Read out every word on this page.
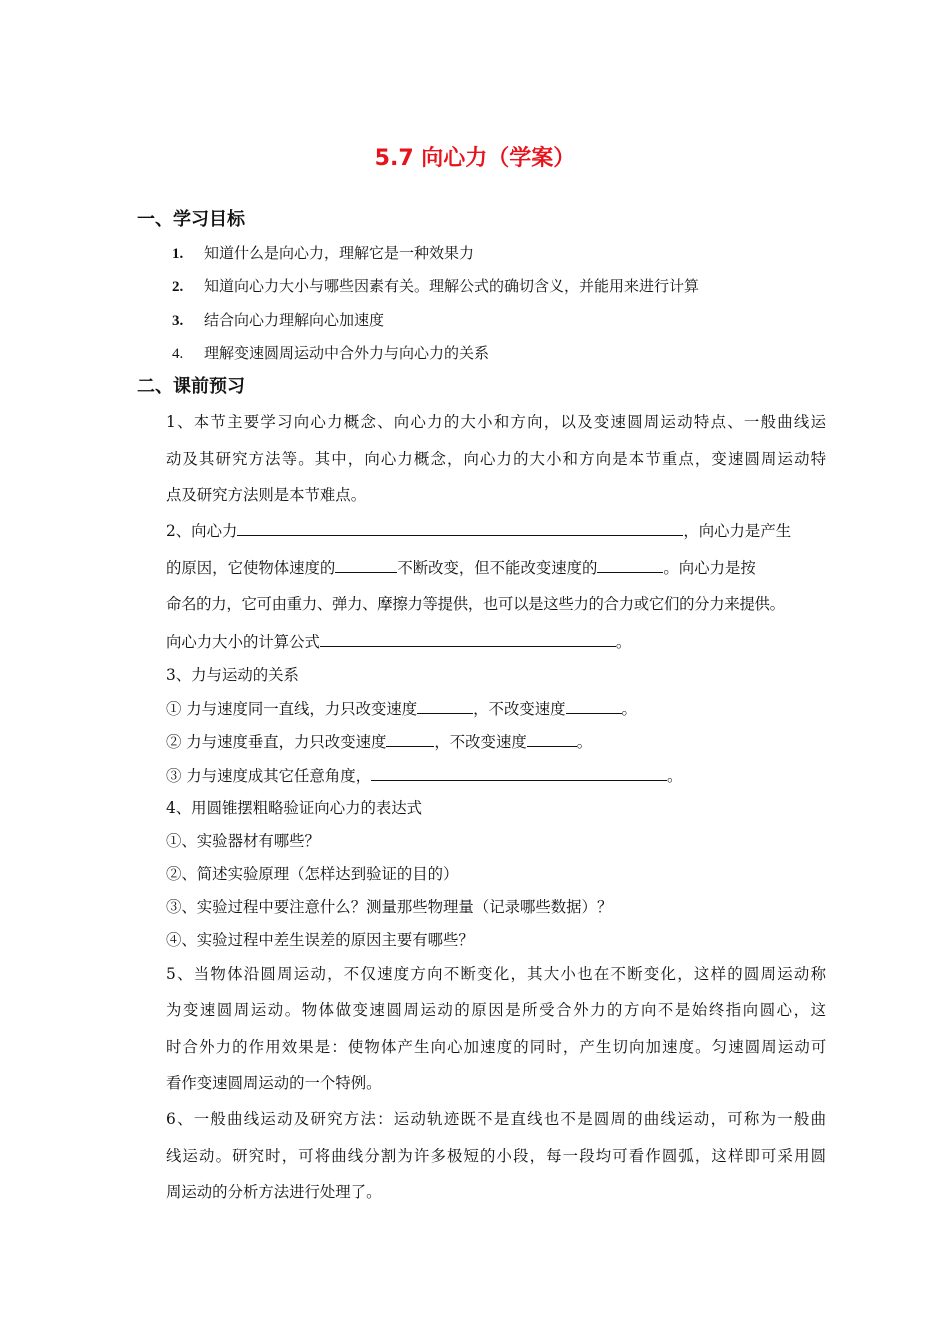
5.7 向心力（学案）
一、学习目标
1. 知道什么是向心力，理解它是一种效果力
2. 知道向心力大小与哪些因素有关。理解公式的确切含义，并能用来进行计算
3. 结合向心力理解向心加速度
4. 理解变速圆周运动中合外力与向心力的关系
二、课前预习
1、本节主要学习向心力概念、向心力的大小和方向，以及变速圆周运动特点、一般曲线运
动及其研究方法等。其中，向心力概念，向心力的大小和方向是本节重点，变速圆周运动特
点及研究方法则是本节难点。
2、向心力	，向心力是产生
的原因，它使物体速度的	不断改变，但不能改变速度的	。向心力是按
命名的力，它可由重力、弹力、摩擦力等提供，也可以是这些力的合力或它们的分力来提供。
向心力大小的计算公式	。
3、力与运动的关系
① 力与速度同一直线，力只改变速度	，不改变速度	。
② 力与速度垂直，力只改变速度	，不改变速度	。
③ 力与速度成其它任意角度，	。
4、用圆锥摆粗略验证向心力的表达式
①、实验器材有哪些？
②、简述实验原理（怎样达到验证的目的）
③、实验过程中要注意什么？测量那些物理量（记录哪些数据）？
④、实验过程中差生误差的原因主要有哪些？
5、当物体沿圆周运动，不仅速度方向不断变化，其大小也在不断变化，这样的圆周运动称
为变速圆周运动。物体做变速圆周运动的原因是所受合外力的方向不是始终指向圆心，这
时合外力的作用效果是：使物体产生向心加速度的同时，产生切向加速度。匀速圆周运动可
看作变速圆周运动的一个特例。
6、一般曲线运动及研究方法：运动轨迹既不是直线也不是圆周的曲线运动，可称为一般曲
线运动。研究时，可将曲线分割为许多极短的小段，每一段均可看作圆弧，这样即可采用圆
周运动的分析方法进行处理了。
